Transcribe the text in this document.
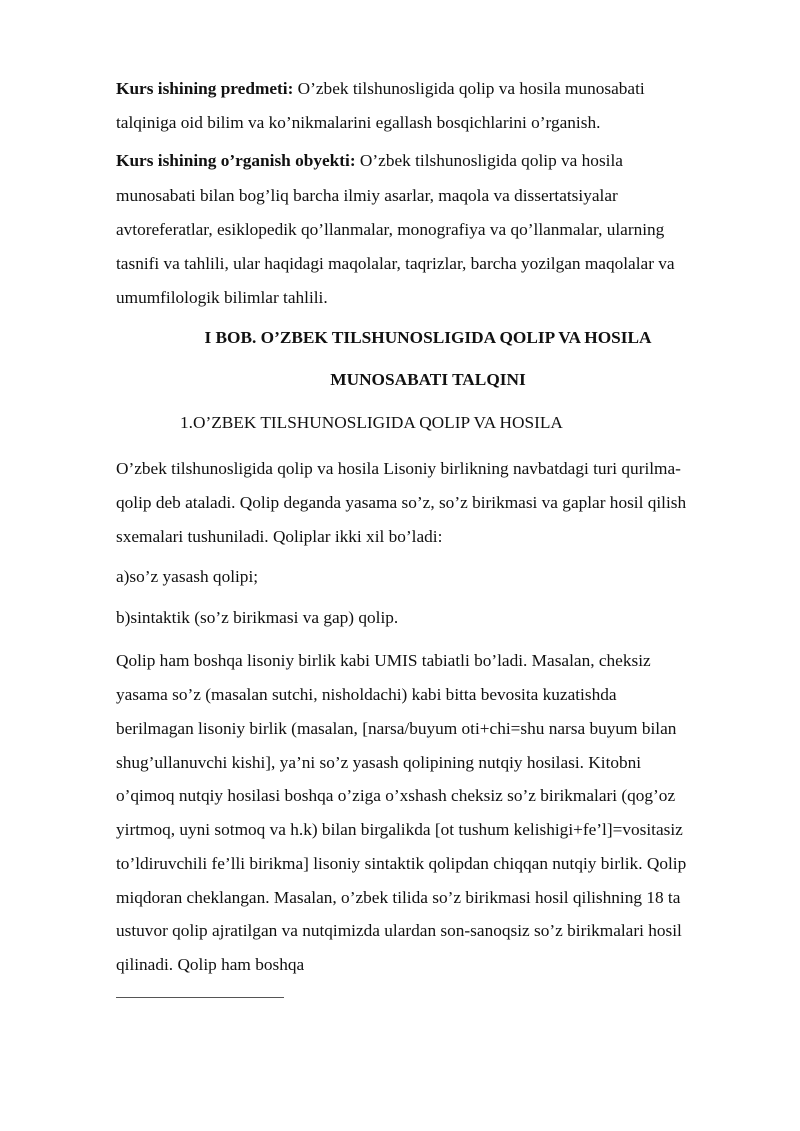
Kurs ishining predmeti: O’zbek tilshunosligida qolip va hosila munosabati
talqiniga oid bilim va ko’nikmalarini egallash bosqichlarini o’rganish.
Kurs ishining o’rganish obyekti: O’zbek tilshunosligida qolip va hosila
munosabati bilan bog’liq barcha ilmiy asarlar, maqola va dissertatsiyalar
avtoreferatlar, esiklopedik qo’llanmalar, monografiya va qo’llanmalar, ularning
tasnifi va tahlili, ular haqidagi maqolalar, taqrizlar, barcha yozilgan maqolalar va
umumfilologik bilimlar tahlili.
I BOB. O’ZBEK TILSHUNOSLIGIDA QOLIP VA HOSILA
MUNOSABATI TALQINI
1.O’ZBEK TILSHUNOSLIGIDA QOLIP VA HOSILA
O’zbek tilshunosligida qolip va hosila Lisoniy birlikning navbatdagi turi qurilma-
qolip deb ataladi. Qolip deganda yasama so’z, so’z birikmasi va gaplar hosil qilish
sxemalari tushuniladi. Qoliplar ikki xil bo’ladi:
a)so’z yasash qolipi;
b)sintaktik (so’z birikmasi va gap) qolip.
Qolip ham boshqa lisoniy birlik kabi UMIS tabiatli bo’ladi. Masalan, cheksiz
yasama so’z (masalan sutchi, nisholdachi) kabi bitta bevosita kuzatishda
berilmagan lisoniy birlik (masalan, [narsa/buyum oti+chi=shu narsa buyum bilan
shug’ullanuvchi kishi], ya’ni so’z yasash qolipining nutqiy hosilasi. Kitobni
o’qimoq nutqiy hosilasi boshqa o’ziga o’xshash cheksiz so’z birikmalari (qog’oz
yirtmoq, uyni sotmoq va h.k) bilan birgalikda [ot tushum kelishigi+fe’l]=vositasiz
to’ldiruvchili fe’lli birikma] lisoniy sintaktik qolipdan chiqqan nutqiy birlik. Qolip
miqdoran cheklangan. Masalan, o’zbek tilida so’z birikmasi hosil qilishning 18 ta
ustuvor qolip ajratilgan va nutqimizda ulardan son-sanoqsiz so’z birikmalari hosil
qilinadi. Qolip ham boshqa
